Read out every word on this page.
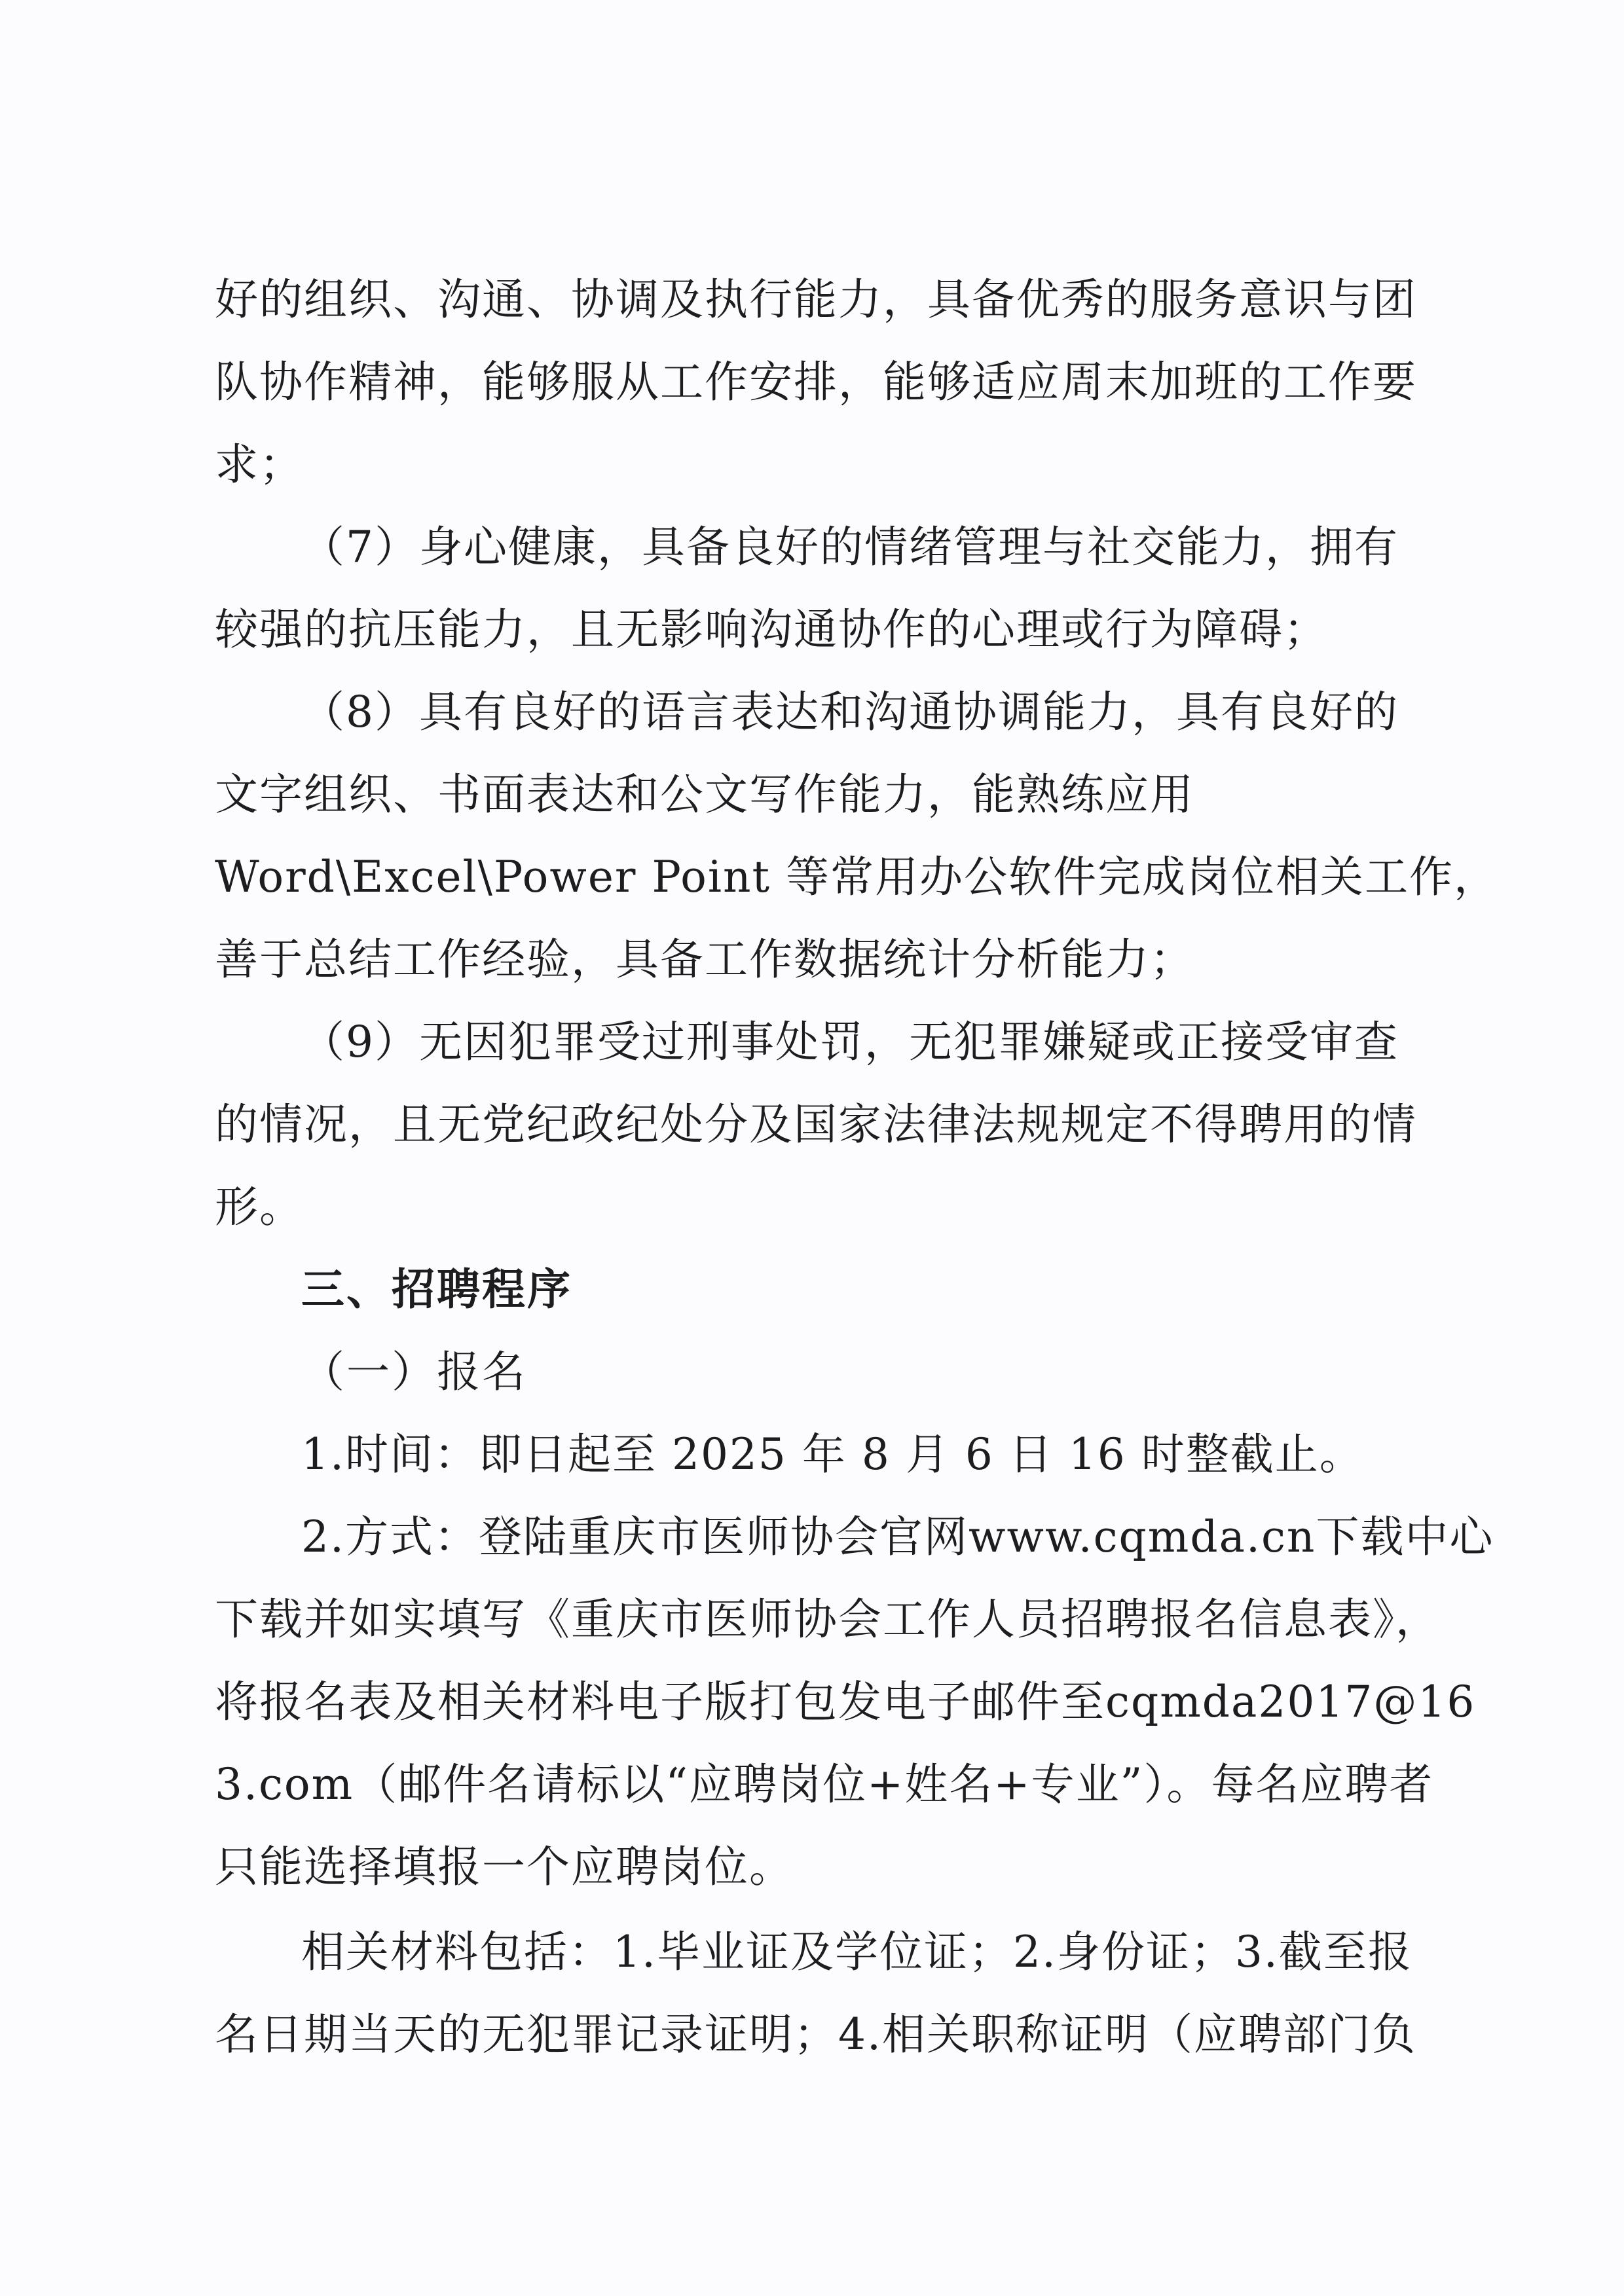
好的组织、沟通、协调及执行能力，具备优秀的服务意识与团
队协作精神，能够服从工作安排，能够适应周末加班的工作要
求；
（7）身心健康，具备良好的情绪管理与社交能力，拥有
较强的抗压能力，且无影响沟通协作的心理或行为障碍；
（8）具有良好的语言表达和沟通协调能力，具有良好的
文字组织、书面表达和公文写作能力，能熟练应用
Word\Excel\Power Point 等常用办公软件完成岗位相关工作，
善于总结工作经验，具备工作数据统计分析能力；
（9）无因犯罪受过刑事处罚，无犯罪嫌疑或正接受审查
的情况，且无党纪政纪处分及国家法律法规规定不得聘用的情
形。
三、招聘程序
（一）报名
1.时间：即日起至 2025 年 8 月 6 日 16 时整截止。
2.方式：登陆重庆市医师协会官网www.cqmda.cn下载中心
下载并如实填写《重庆市医师协会工作人员招聘报名信息表》，
将报名表及相关材料电子版打包发电子邮件至cqmda2017@16
3.com（邮件名请标以“应聘岗位+姓名+专业”）。每名应聘者
只能选择填报一个应聘岗位。
相关材料包括：1.毕业证及学位证；2.身份证；3.截至报
名日期当天的无犯罪记录证明；4.相关职称证明（应聘部门负
